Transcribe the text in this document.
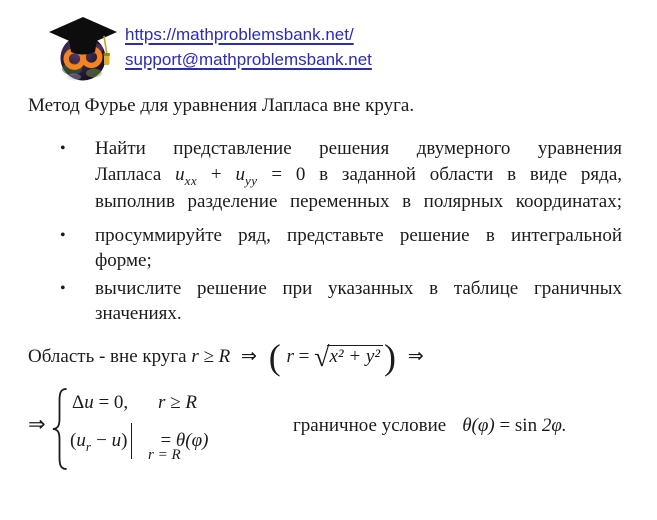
https://mathproblemsbank.net/
support@mathproblemsbank.net
Метод Фурье для уравнения Лапласа вне круга.
• Найти представление решения двумерного уравнения
Лапласа $u_{xx} + u_{yy} = 0$ в заданной области в виде ряда,
выполнив разделение переменных в полярных координатах;
• просуммируйте ряд, представьте решение в интегральной
форме;
• вычислите решение при указанных в таблице граничных
значениях.
Область - вне круга r ≥ R ⇒ ( r = √x² + y² ) ⇒
⇒
Δu = 0, r ≥ R
$(u_r - u) = \theta(\varphi)$
r = R
граничное условие θ(φ) = sin 2φ.
